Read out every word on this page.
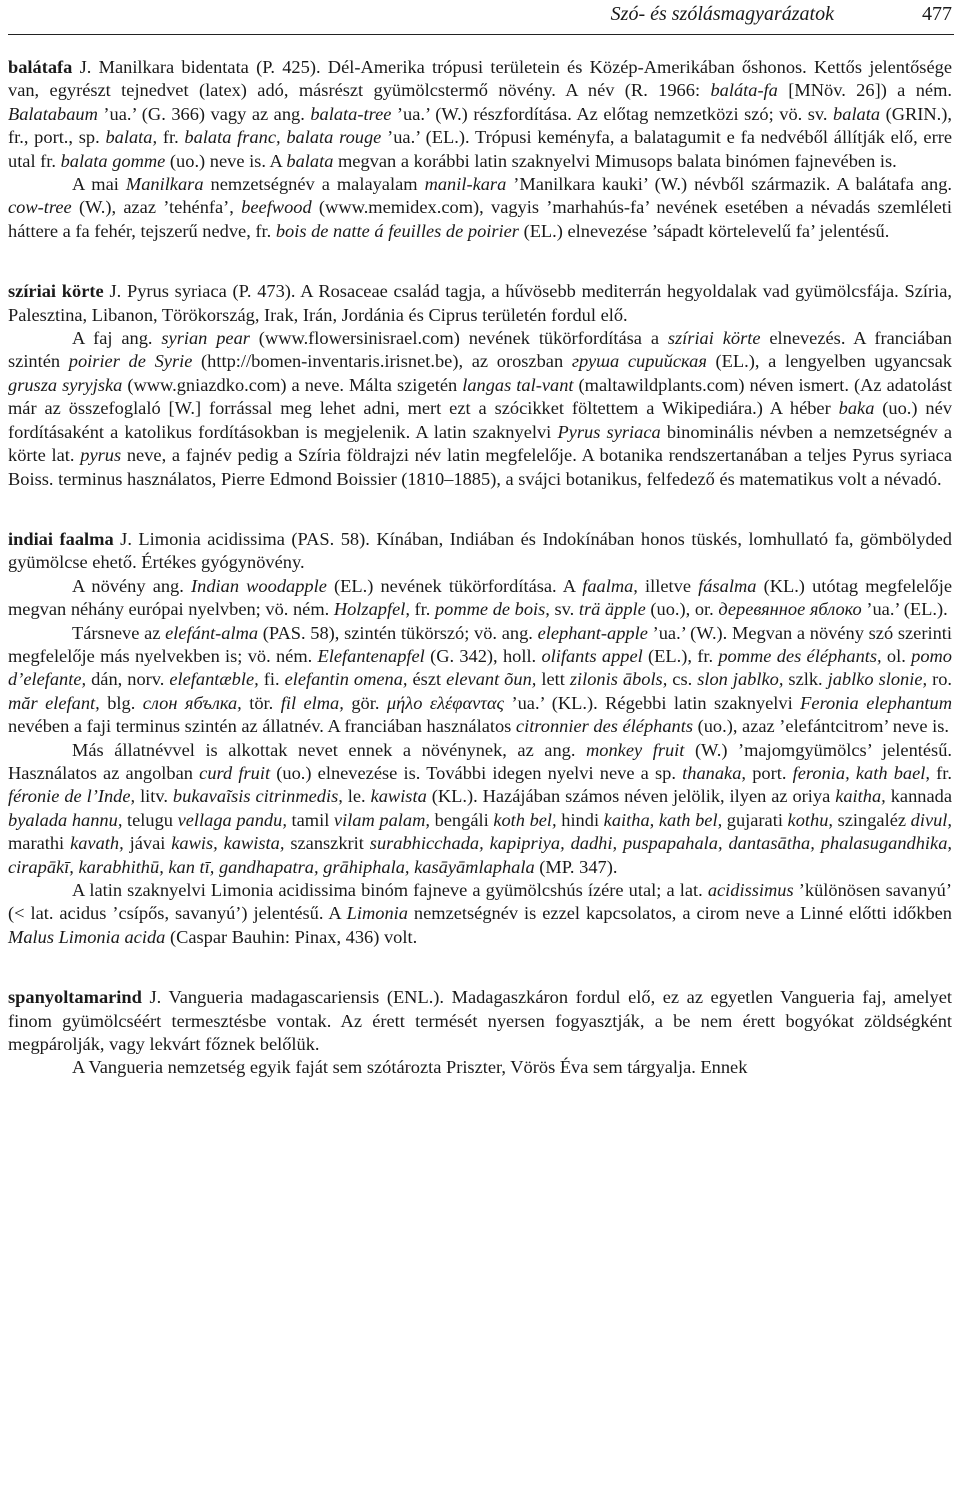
Szó- és szólásmagyarázatok	477

balátafa J. Manilkara bidentata (P. 425). Dél-Amerika trópusi területein és Közép-Amerikában őshonos. Kettős jelentősége van, egyrészt tejnedvet (latex) adó, másrészt gyümölcstermő növény. A név (R. 1966: baláta-fa [MNöv. 26]) a ném. Balatabaum ’ua.’ (G. 366) vagy az ang. balata-tree ’ua.’ (W.) részfordítása. Az előtag nemzetközi szó; vö. sv. balata (GRIN.), fr., port., sp. balata, fr. balata franc, balata rouge ’ua.’ (EL.). Trópusi keményfa, a balatagumit e fa nedvéből állítják elő, erre utal fr. balata gomme (uo.) neve is. A balata megvan a korábbi latin szaknyelvi Mimusops balata binómen fajnevében is.

A mai Manilkara nemzetségnév a malayalam manil-kara ’Manilkara kauki’ (W.) névből származik. A balátafa ang. cow-tree (W.), azaz ’tehénfa’, beefwood (www.memidex.com), vagyis ’marhahús-fa’ nevének esetében a névadás szemléleti háttere a fa fehér, tejszerű nedve, fr. bois de natte á feuilles de poirier (EL.) elnevezése ’sápadt körtelevelű fa’ jelentésű.

szíriai körte J. Pyrus syriaca (P. 473). A Rosaceae család tagja, a hűvösebb mediterrán hegyoldalak vad gyümölcsfája. Szíria, Palesztina, Libanon, Törökország, Irak, Irán, Jordánia és Ciprus területén fordul elő.

A faj ang. syrian pear (www.flowersinisrael.com) nevének tükörfordítása a szíriai körte elnevezés. A franciában szintén poirier de Syrie (http://bomen-inventaris.irisnet.be), az oroszban груша сирийская (EL.), a lengyelben ugyancsak grusza syryjska (www.gniazdko.com) a neve. Málta szigetén langas tal-vant (maltawildplants.com) néven ismert. (Az adatolást már az összefoglaló [W.] forrással meg lehet adni, mert ezt a szócikket föltettem a Wikipediára.) A héber baka (uo.) név fordításaként a katolikus fordításokban is megjelenik. A latin szaknyelvi Pyrus syriaca binominális névben a nemzetségnév a körte lat. pyrus neve, a fajnév pedig a Szíria földrajzi név latin megfelelője. A botanika rendszertanában a teljes Pyrus syriaca Boiss. terminus használatos, Pierre Edmond Boissier (1810–1885), a svájci botanikus, felfedező és matematikus volt a névadó.

indiai faalma J. Limonia acidissima (PAS. 58). Kínában, Indiában és Indokínában honos tüskés, lomhullató fa, gömbölyded gyümölcse ehető. Értékes gyógynövény.

A növény ang. Indian woodapple (EL.) nevének tükörfordítása. A faalma, illetve fásalma (KL.) utótag megfelelője megvan néhány európai nyelvben; vö. ném. Holzapfel, fr. pomme de bois, sv. trä äpple (uo.), or. деревянное яблоко ’ua.’ (EL.).

Társneve az elefánt-alma (PAS. 58), szintén tükörszó; vö. ang. elephant-apple ’ua.’ (W.). Megvan a növény szó szerinti megfelelője más nyelvekben is; vö. ném. Elefantenapfel (G. 342), holl. olifants appel (EL.), fr. pomme des éléphants, ol. pomo d’elefante, dán, norv. elefantæble, fi. elefantin omena, észt elevant õun, lett zilonis ābols, cs. slon jablko, szlk. jablko slonie, ro. măr elefant, blg. слон ябълка, tör. fil elma, gör. μήλο ελέφαντας ’ua.’ (KL.). Régebbi latin szaknyelvi Feronia elephantum nevében a faji terminus szintén az állatnév. A franciában használatos citronnier des éléphants (uo.), azaz ’elefántcitrom’ neve is.

Más állatnévvel is alkottak nevet ennek a növénynek, az ang. monkey fruit (W.) ’majomgyümölcs’ jelentésű. Használatos az angolban curd fruit (uo.) elnevezése is. További idegen nyelvi neve a sp. thanaka, port. feronia, kath bael, fr. féronie de l’Inde, litv. bukavaĩsis citrinmedis, le. kawista (KL.). Hazájában számos néven jelölik, ilyen az oriya kaitha, kannada byalada hannu, telugu vellaga pandu, tamil vilam palam, bengáli koth bel, hindi kaitha, kath bel, gujarati kothu, szingaléz divul, marathi kavath, jávai kawis, kawista, szanszkrit surabhicchada, kapipriya, dadhi, puspapahala, dantasātha, phalasugandhika, cirapākī, karabhithū, kan tī, gandhapatra, grāhiphala, kasāyāmlaphala (MP. 347).

A latin szaknyelvi Limonia acidissima binóm fajneve a gyümölcshús ízére utal; a lat. acidissimus ’különösen savanyú’ (< lat. acidus ’csípős, savanyú’) jelentésű. A Limonia nemzetségnév is ezzel kapcsolatos, a cirom neve a Linné előtti időkben Malus Limonia acida (Caspar Bauhin: Pinax, 436) volt.

spanyoltamarind J. Vangueria madagascariensis (ENL.). Madagaszkáron fordul elő, ez az egyetlen Vangueria faj, amelyet finom gyümölcséért termesztésbe vontak. Az érett termését nyersen fogyasztják, a be nem érett bogyókat zöldségként megpárolják, vagy lekvárt főznek belőlük.

A Vangueria nemzetség egyik faját sem szótározta Priszter, Vörös Éva sem tárgyalja. Ennek
